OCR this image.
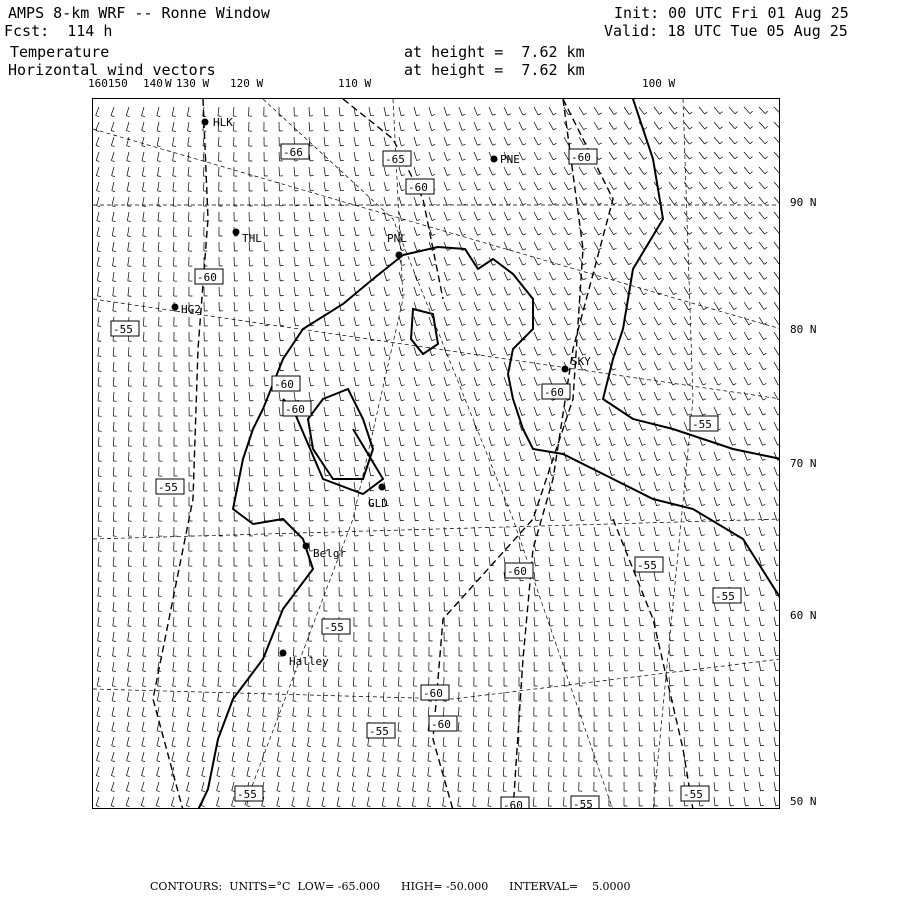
AMPS 8-km WRF -- Ronne Window	Init: 00 UTC Fri 01 Aug 25
Fcst:  114 h	Valid: 18 UTC Tue 05 Aug 25
Temperature	at height =  7.62 km
Horizontal wind vectors	at height =  7.62 km
160150 140 W 130 W 120 W	110 W	100 W
90 N
80 N
70 N
60 N
50 N
HLK
PNE
THL	PNL
HG2
SKY
GLD
Belgr
Halley
-66
-65
-60
-60
-60
-55
-60
-60
-60
-55
-55
-60	-55
-55
-55
-60
-60
-55
-60	-55
-55	-55
CONTOURS:  UNITS=°C  LOW= -65.000      HIGH= -50.000      INTERVAL=    5.0000
